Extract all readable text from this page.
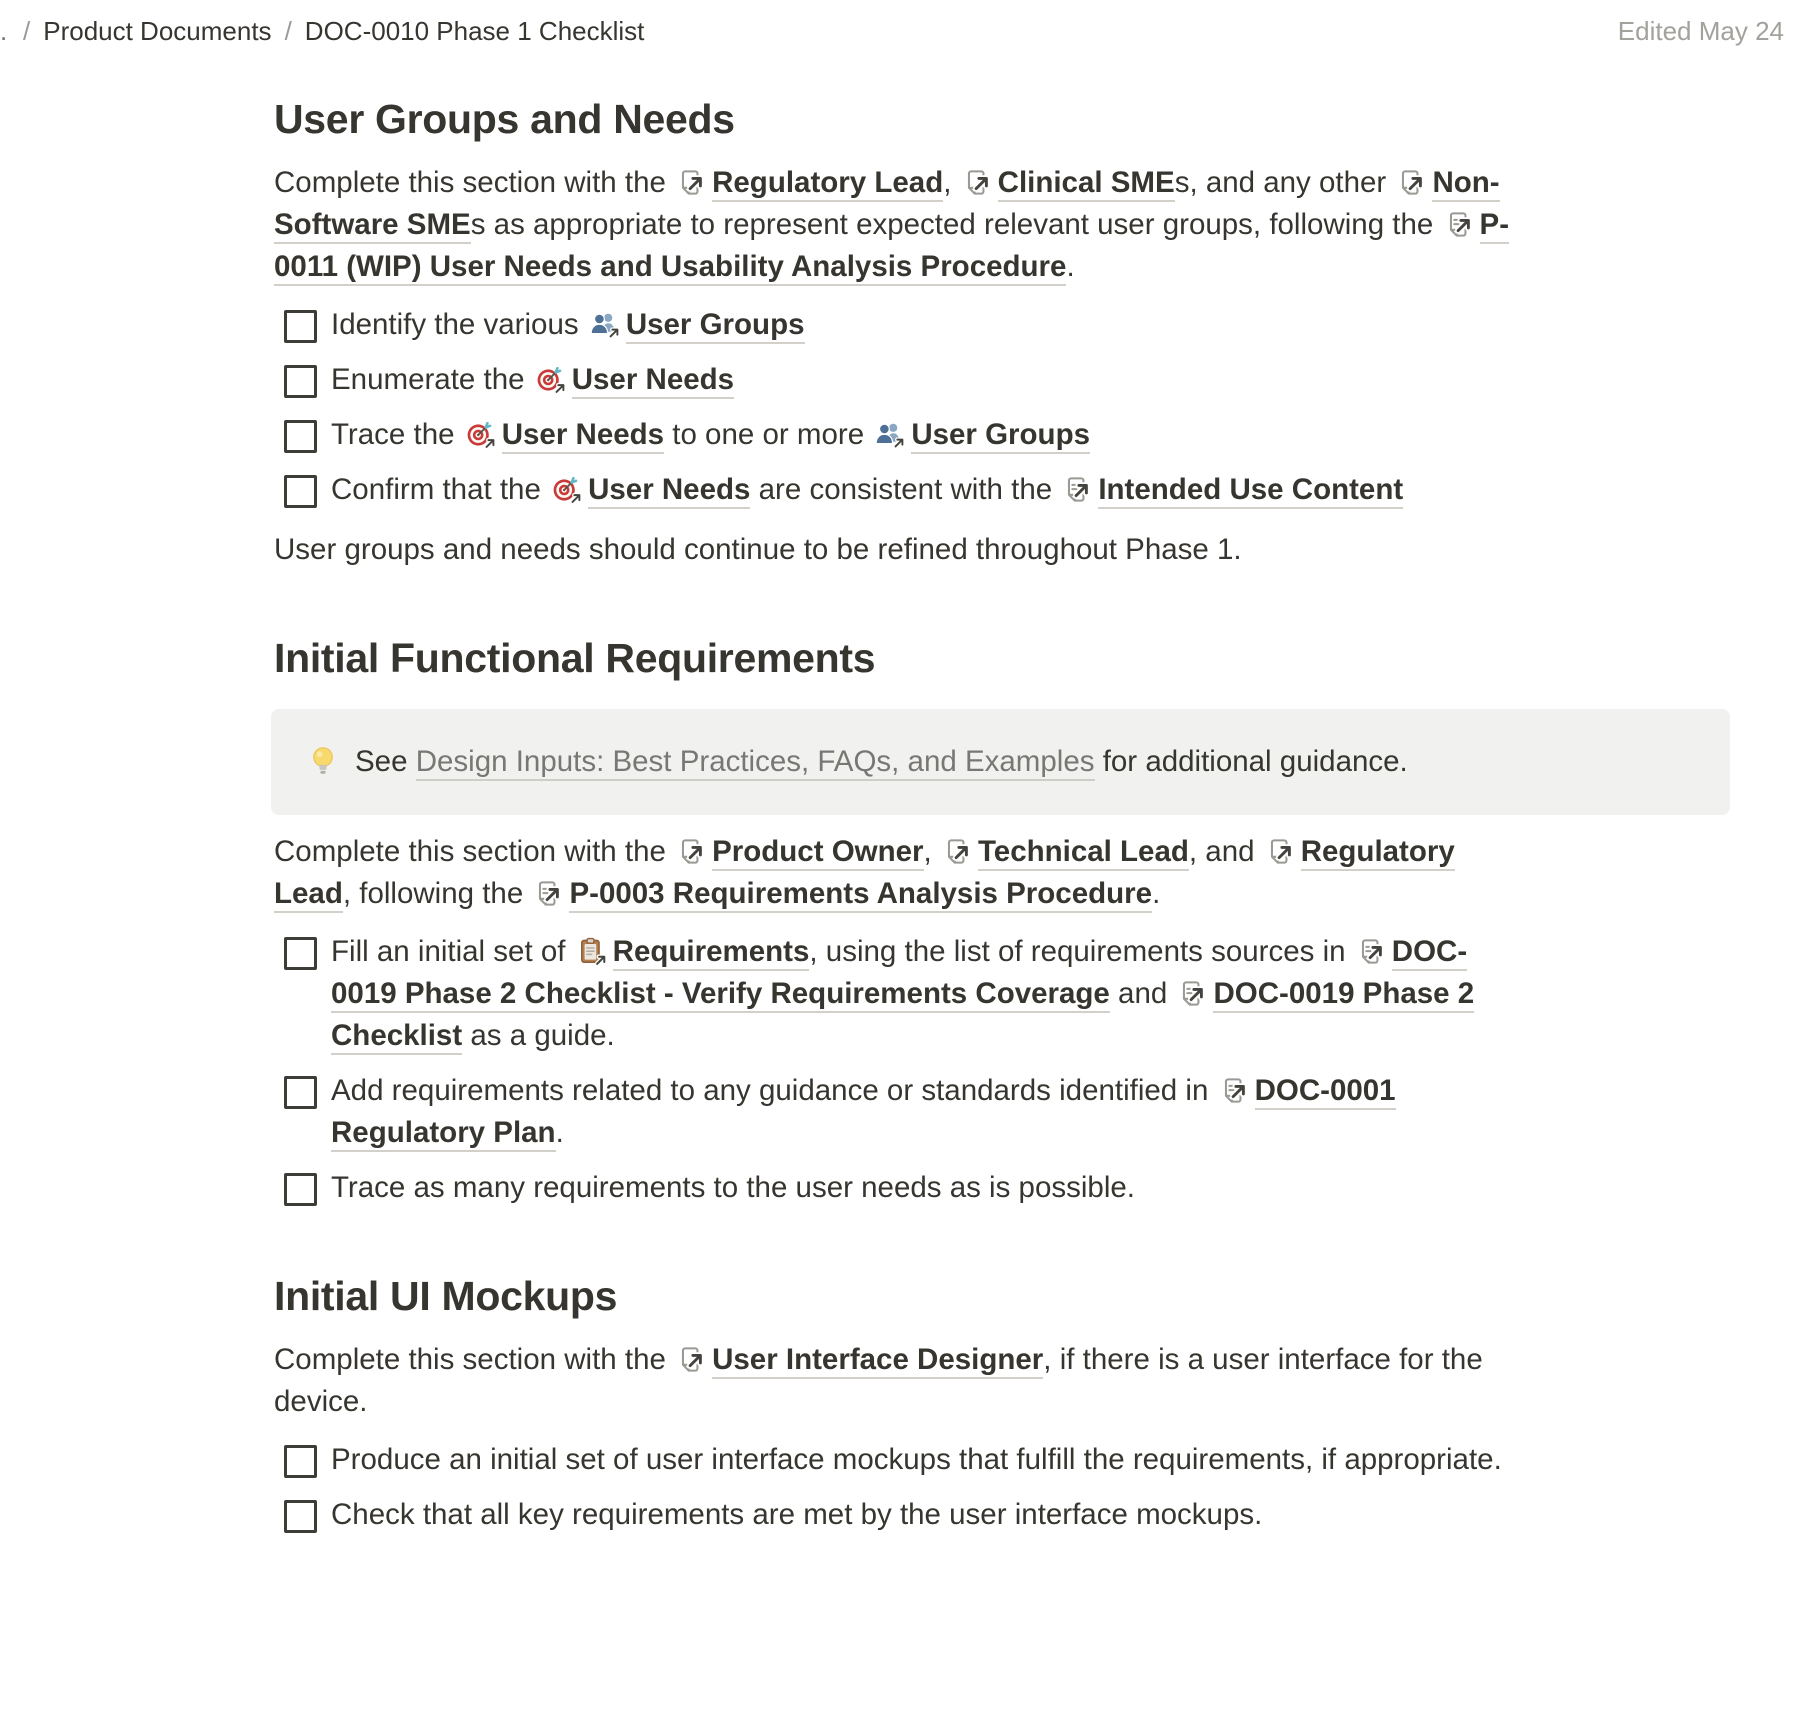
. / Product Documents / DOC-0010 Phase 1 Checklist	Edited May 24
User Groups and Needs

Complete this section with the Regulatory Lead, Clinical SMEs, and any other Non-Software SMEs as appropriate to represent expected relevant user groups, following the P-0011 (WIP) User Needs and Usability Analysis Procedure.

Identify the various User Groups
Enumerate the User Needs
Trace the User Needs to one or more User Groups
Confirm that the User Needs are consistent with the Intended Use Content

User groups and needs should continue to be refined throughout Phase 1.

Initial Functional Requirements
See Design Inputs: Best Practices, FAQs, and Examples for additional guidance.

Complete this section with the Product Owner, Technical Lead, and Regulatory Lead, following the P-0003 Requirements Analysis Procedure.

Fill an initial set of Requirements, using the list of requirements sources in DOC-0019 Phase 2 Checklist - Verify Requirements Coverage and DOC-0019 Phase 2 Checklist as a guide.
Add requirements related to any guidance or standards identified in DOC-0001 Regulatory Plan.
Trace as many requirements to the user needs as is possible.
Initial UI Mockups

Complete this section with the User Interface Designer, if there is a user interface for the device.

Produce an initial set of user interface mockups that fulfill the requirements, if appropriate.
Check that all key requirements are met by the user interface mockups.
